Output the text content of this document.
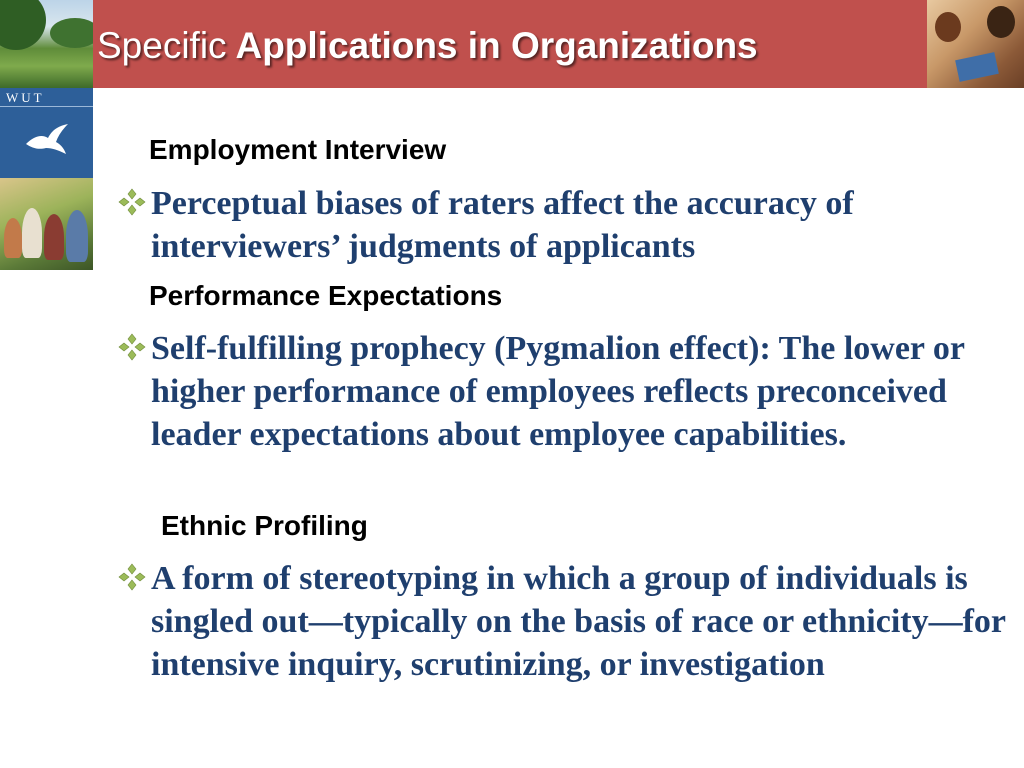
Specific Applications in Organizations
WUT
Employment Interview
Perceptual biases of raters affect the accuracy of interviewers’ judgments of applicants
Performance Expectations
Self-fulfilling prophecy (Pygmalion effect): The lower or higher performance of employees reflects preconceived leader expectations about employee capabilities.
Ethnic Profiling
A form of stereotyping in which a group of individuals is singled out—typically on the basis of race or ethnicity—for intensive inquiry, scrutinizing, or investigation
